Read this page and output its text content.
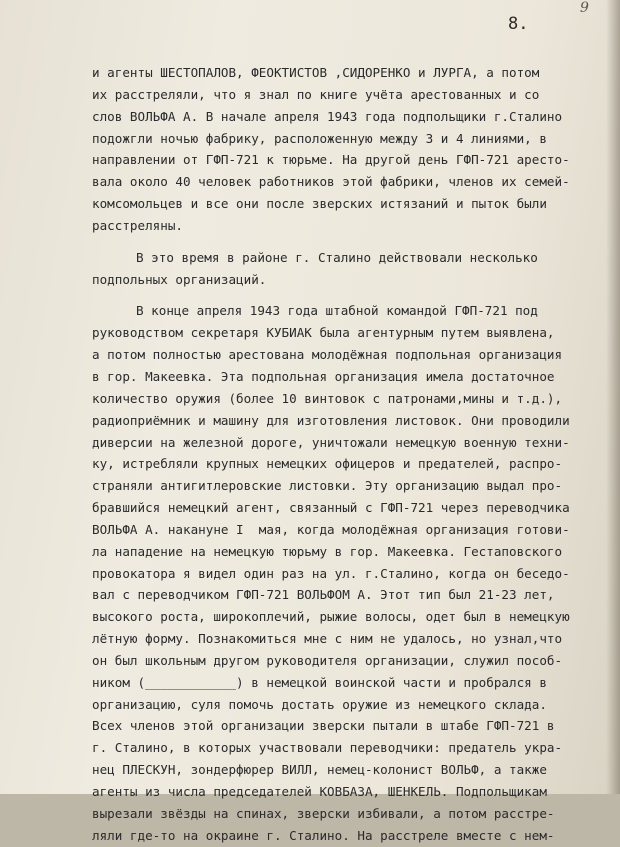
9
8.
и агенты ШЕСТОПАЛОВ, ФЕОКТИСТОВ ,СИДОРЕНКО и ЛУРГА, а потом
их расстреляли, что я знал по книге учёта арестованных и со
слов ВОЛЬФА А. В начале апреля 1943 года подпольщики г.Сталино
подожгли ночью фабрику, расположенную между 3 и 4 линиями, в
направлении от ГФП-721 к тюрьме. На другой день ГФП-721 аресто-
вала около 40 человек работников этой фабрики, членов их семей-
комсомольцев и все они после зверских истязаний и пыток были
расстреляны.
В это время в районе г. Сталино действовали несколько
подпольных организаций.
В конце апреля 1943 года штабной командой ГФП-721 под
руководством секретаря КУБИАК была агентурным путем выявлена,
а потом полностью арестована молодёжная подпольная организация
в гор. Макеевка. Эта подпольная организация имела достаточное
количество оружия (более 10 винтовок с патронами,мины и т.д.),
радиоприёмник и машину для изготовления листовок. Они проводили
диверсии на железной дороге, уничтожали немецкую военную техни-
ку, истребляли крупных немецких офицеров и предателей, распро-
страняли антигитлеровские листовки. Эту организацию выдал про-
бравшийся немецкий агент, связанный с ГФП-721 через переводчика
ВОЛЬФА А. накануне I  мая, когда молодёжная организация готови-
ла нападение на немецкую тюрьму в гор. Макеевка. Гестаповского
провокатора я видел один раз на ул. г.Сталино, когда он беседо-
вал с переводчиком ГФП-721 ВОЛЬФОМ А. Этот тип был 21-23 лет,
высокого роста, широкоплечий, рыжие волосы, одет был в немецкую
лётную форму. Познакомиться мне с ним не удалось, но узнал,что
он был школьным другом руководителя организации, служил пособ-
ником (____________) в немецкой воинской части и пробрался в
организацию, суля помочь достать оружие из немецкого склада.
Всех членов этой организации зверски пытали в штабе ГФП-721 в
г. Сталино, в которых участвовали переводчики: предатель укра-
нец ПЛЕСКУН, зондерфюрер ВИЛЛ, немец-колонист ВОЛЬФ, а также
агенты из числа председателей КОВБАЗА, ШЕНКЕЛЬ. Подпольщикам
вырезали звёзды на спинах, зверски избивали, а потом расстре-
ляли где-то на окраине г. Сталино. На расстреле вместе с нем-
